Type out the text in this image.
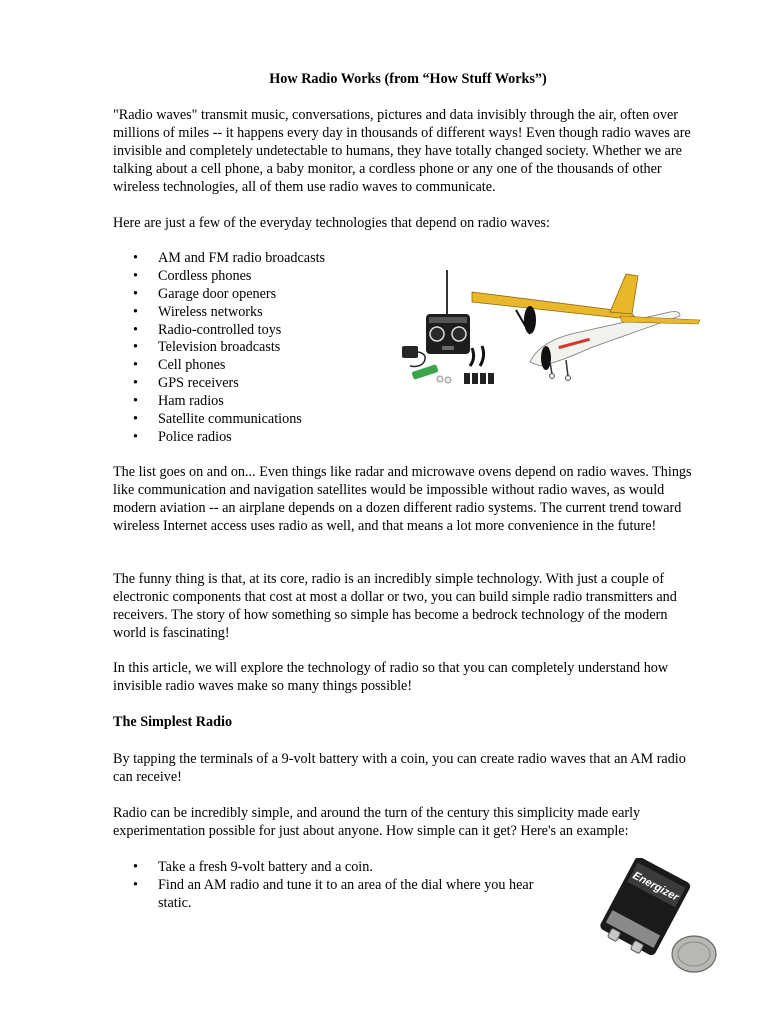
How Radio Works (from “How Stuff Works”)

"Radio waves" transmit music, conversations, pictures and data invisibly through the air, often over millions of miles -- it happens every day in thousands of different ways! Even though radio waves are invisible and completely undetectable to humans, they have totally changed society. Whether we are talking about a cell phone, a baby monitor, a cordless phone or any one of the thousands of other wireless technologies, all of them use radio waves to communicate.

Here are just a few of the everyday technologies that depend on radio waves:

• AM and FM radio broadcasts
• Cordless phones
• Garage door openers
• Wireless networks
• Radio-controlled toys
• Television broadcasts
• Cell phones
• GPS receivers
• Ham radios
• Satellite communications
• Police radios

The list goes on and on... Even things like radar and microwave ovens depend on radio waves. Things like communication and navigation satellites would be impossible without radio waves, as would modern aviation -- an airplane depends on a dozen different radio systems. The current trend toward wireless Internet access uses radio as well, and that means a lot more convenience in the future!

The funny thing is that, at its core, radio is an incredibly simple technology. With just a couple of electronic components that cost at most a dollar or two, you can build simple radio transmitters and receivers. The story of how something so simple has become a bedrock technology of the modern world is fascinating!

In this article, we will explore the technology of radio so that you can completely understand how invisible radio waves make so many things possible!

The Simplest Radio

By tapping the terminals of a 9-volt battery with a coin, you can create radio waves that an AM radio can receive!

Radio can be incredibly simple, and around the turn of the century this simplicity made early experimentation possible for just about anyone. How simple can it get? Here's an example:

• Take a fresh 9-volt battery and a coin.
• Find an AM radio and tune it to an area of the dial where you hear static.	Energizer
